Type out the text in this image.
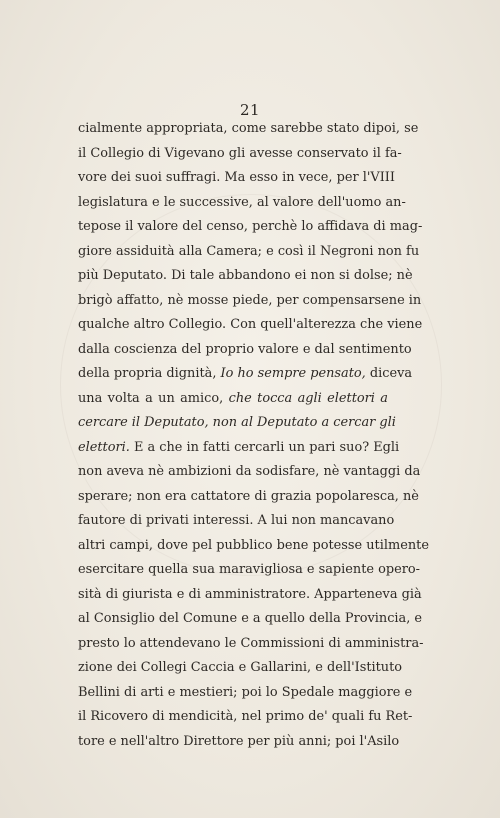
21
cialmente appropriata, come sarebbe stato dipoi, se
il Collegio di Vigevano gli avesse conservato il fa-
vore dei suoi suffragi. Ma esso in vece, per l'VIII
legislatura e le successive, al valore dell'uomo an-
tepose il valore del censo, perchè lo affidava di mag-
giore assiduità alla Camera; e così il Negroni non fu
più Deputato. Di tale abbandono ei non si dolse; nè
brigò affatto, nè mosse piede, per compensarsene in
qualche altro Collegio. Con quell'alterezza che viene
dalla coscienza del proprio valore e dal sentimento
della propria dignità, Io ho sempre pensato, diceva
una volta a un amico, che tocca agli elettori a
cercare il Deputato, non al Deputato a cercar gli
elettori. E a che in fatti cercarli un pari suo? Egli
non aveva nè ambizioni da sodisfare, nè vantaggi da
sperare; non era cattatore di grazia popolaresca, nè
fautore di privati interessi. A lui non mancavano
altri campi, dove pel pubblico bene potesse utilmente
esercitare quella sua maravigliosa e sapiente opero-
sità di giurista e di amministratore. Apparteneva già
al Consiglio del Comune e a quello della Provincia, e
presto lo attendevano le Commissioni di amministra-
zione dei Collegi Caccia e Gallarini, e dell'Istituto
Bellini di arti e mestieri; poi lo Spedale maggiore e
il Ricovero di mendicità, nel primo de' quali fu Ret-
tore e nell'altro Direttore per più anni; poi l'Asilo
